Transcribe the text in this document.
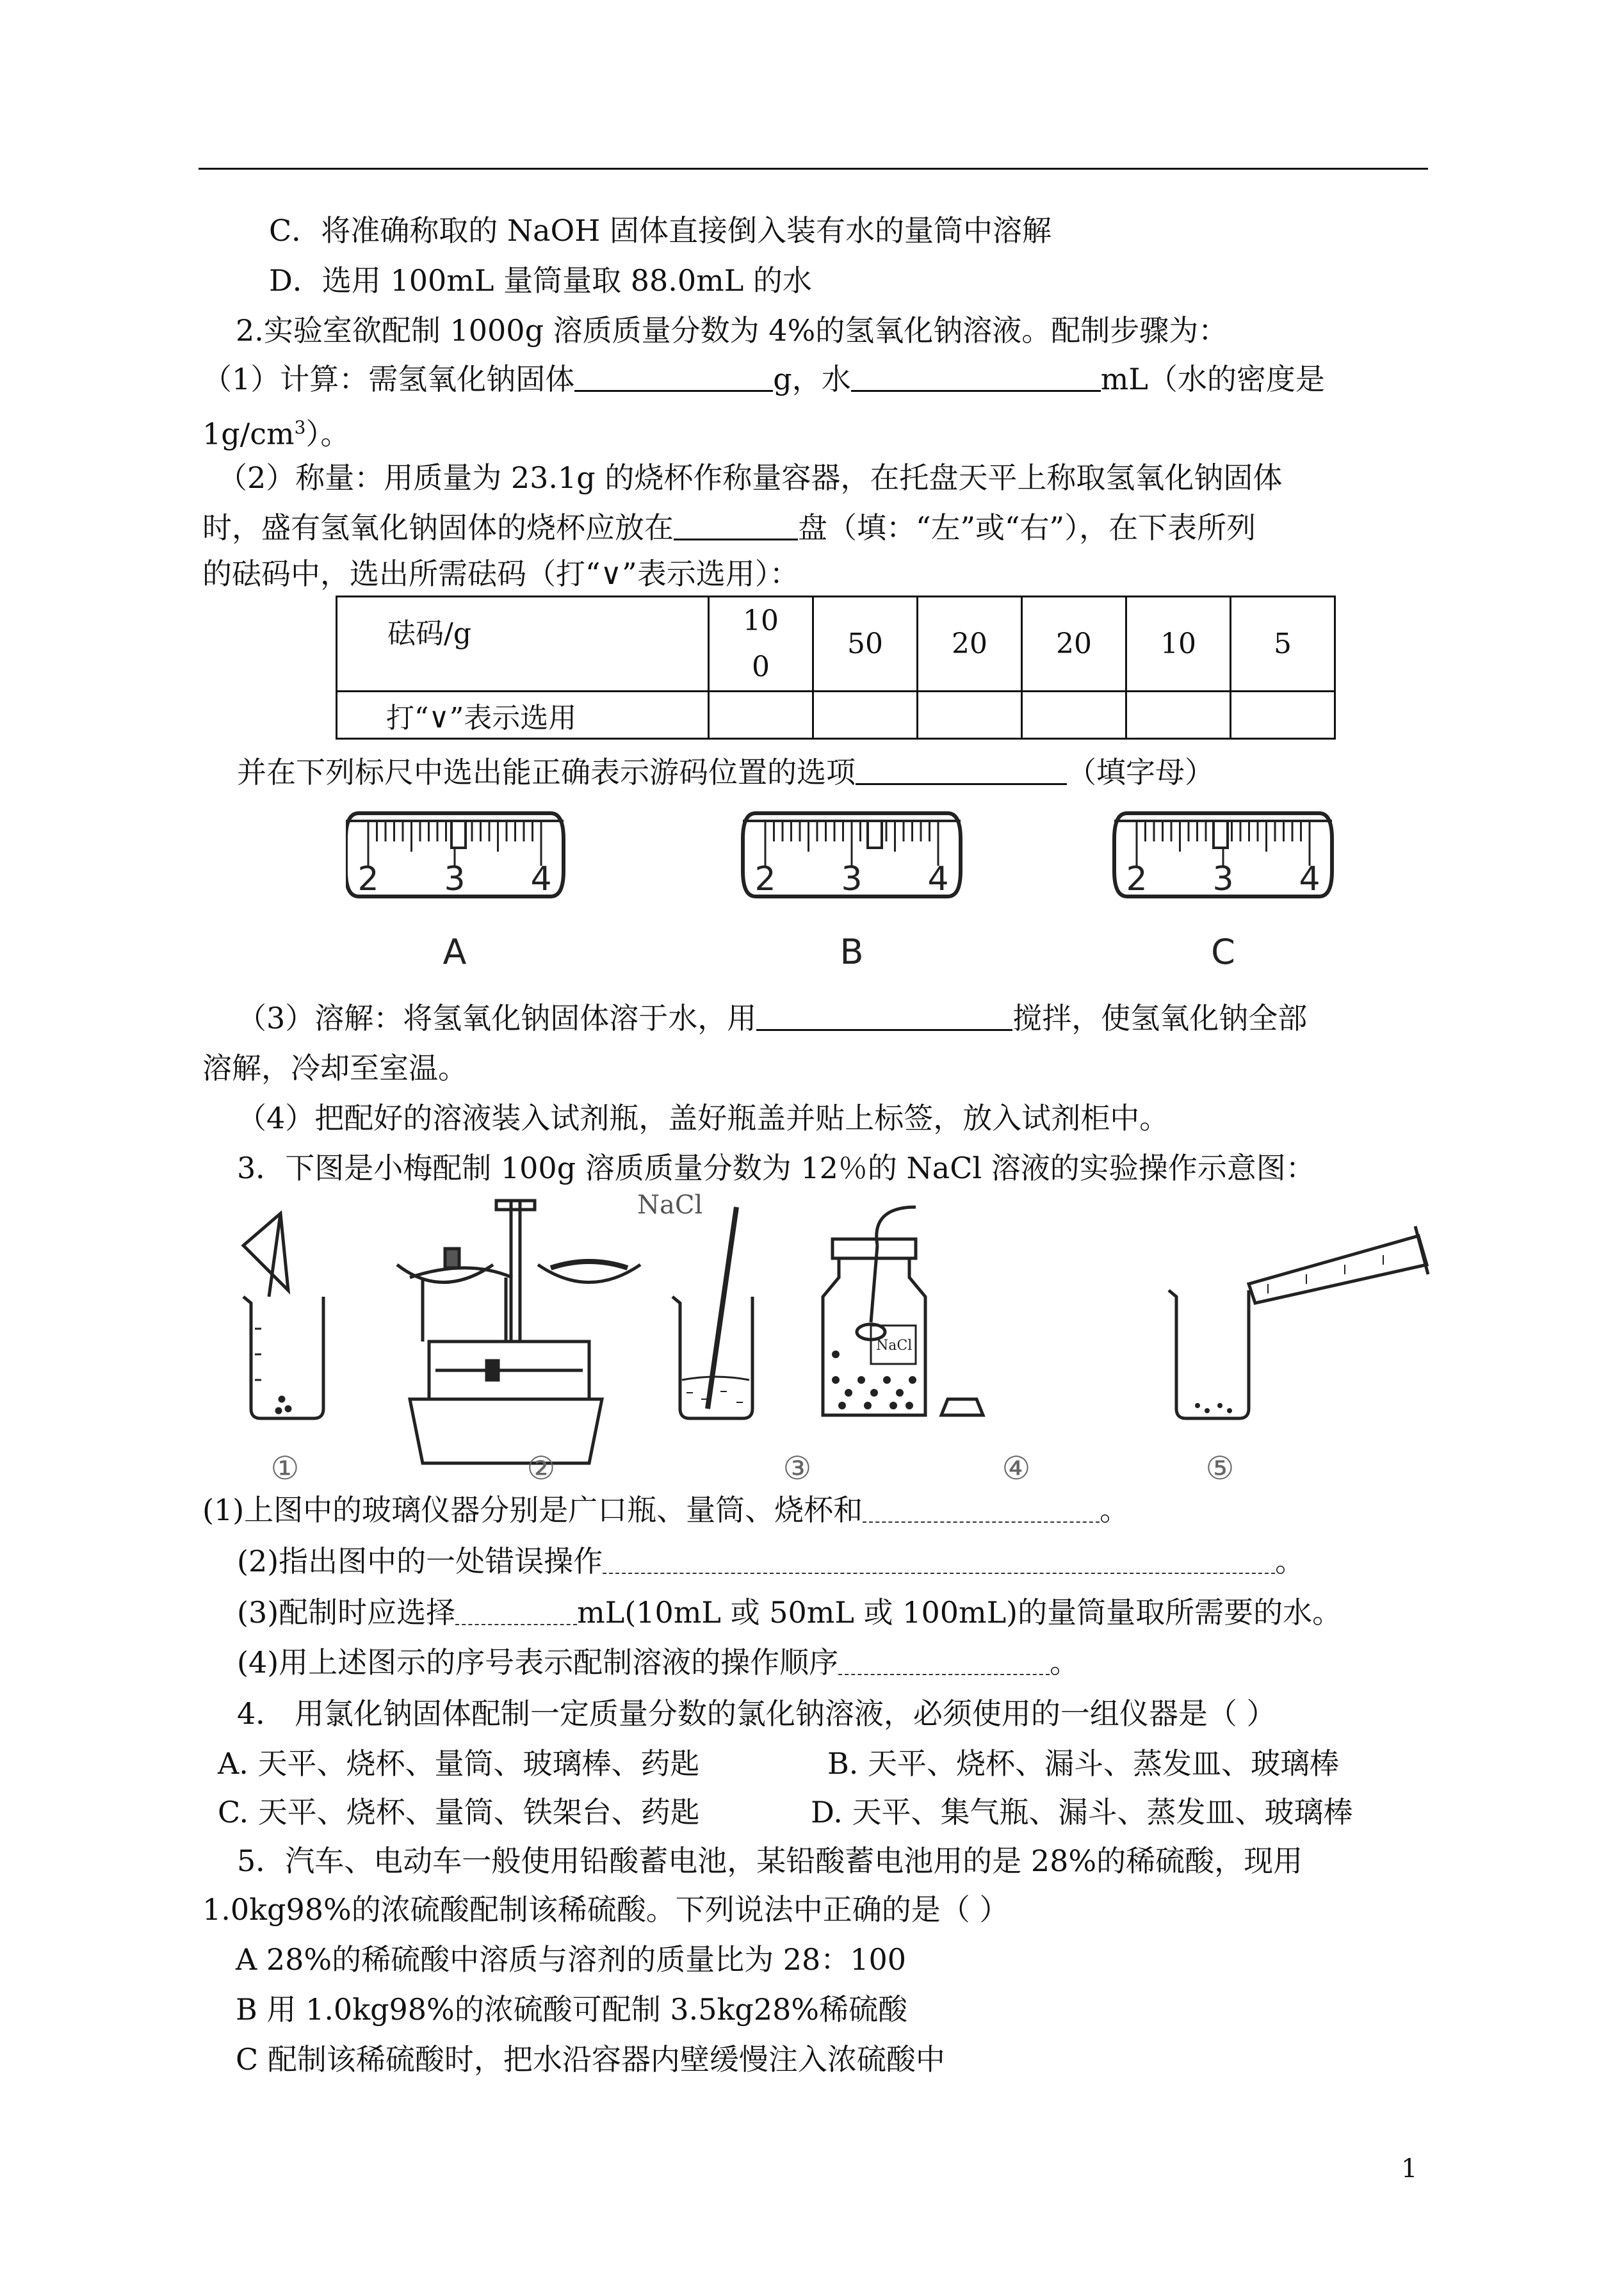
C．将准确称取的 NaOH 固体直接倒入装有水的量筒中溶解
D．选用 100mL 量筒量取 88.0mL 的水
2.实验室欲配制 1000g 溶质质量分数为 4%的氢氧化钠溶液。配制步骤为：
（1）计算：需氢氧化钠固体	g，水	mL（水的密度是
$1g/cm^3$）。
（2）称量：用质量为 23.1g 的烧杯作称量容器，在托盘天平上称取氢氧化钠固体
时，盛有氢氧化钠固体的烧杯应放在	盘（填：“左”或“右”），在下表所列
的砝码中，选出所需砝码（打“∨”表示选用）：
砝码/g	100	50	20	20	10	5
打“∨”表示选用						
并在下列标尺中选出能正确表示游码位置的选项	（填字母）
2 3 4
A
2 3 4
B
2 3 4
C
（3）溶解：将氢氧化钠固体溶于水，用	搅拌，使氢氧化钠全部
溶解，冷却至室温。
（4）把配好的溶液装入试剂瓶，盖好瓶盖并贴上标签，放入试剂柜中。
3．下图是小梅配制 100g 溶质质量分数为 12％的 NaCl 溶液的实验操作示意图：
NaCl
NaCl
①	②	③	④	⑤
(1)上图中的玻璃仪器分别是广口瓶、量筒、烧杯和	。
(2)指出图中的一处错误操作	。
(3)配制时应选择	mL(10mL 或 50mL 或 100mL)的量筒量取所需要的水。
(4)用上述图示的序号表示配制溶液的操作顺序	。
4． 用氯化钠固体配制一定质量分数的氯化钠溶液，必须使用的一组仪器是（ ）
A. 天平、烧杯、量筒、玻璃棒、药匙	B. 天平、烧杯、漏斗、蒸发皿、玻璃棒
C. 天平、烧杯、量筒、铁架台、药匙	D. 天平、集气瓶、漏斗、蒸发皿、玻璃棒
5．汽车、电动车一般使用铅酸蓄电池，某铅酸蓄电池用的是 28%的稀硫酸，现用
1.0kg98%的浓硫酸配制该稀硫酸。下列说法中正确的是（ ）
A 28%的稀硫酸中溶质与溶剂的质量比为 28：100
B 用 1.0kg98%的浓硫酸可配制 3.5kg28%稀硫酸
C 配制该稀硫酸时，把水沿容器内壁缓慢注入浓硫酸中
1
